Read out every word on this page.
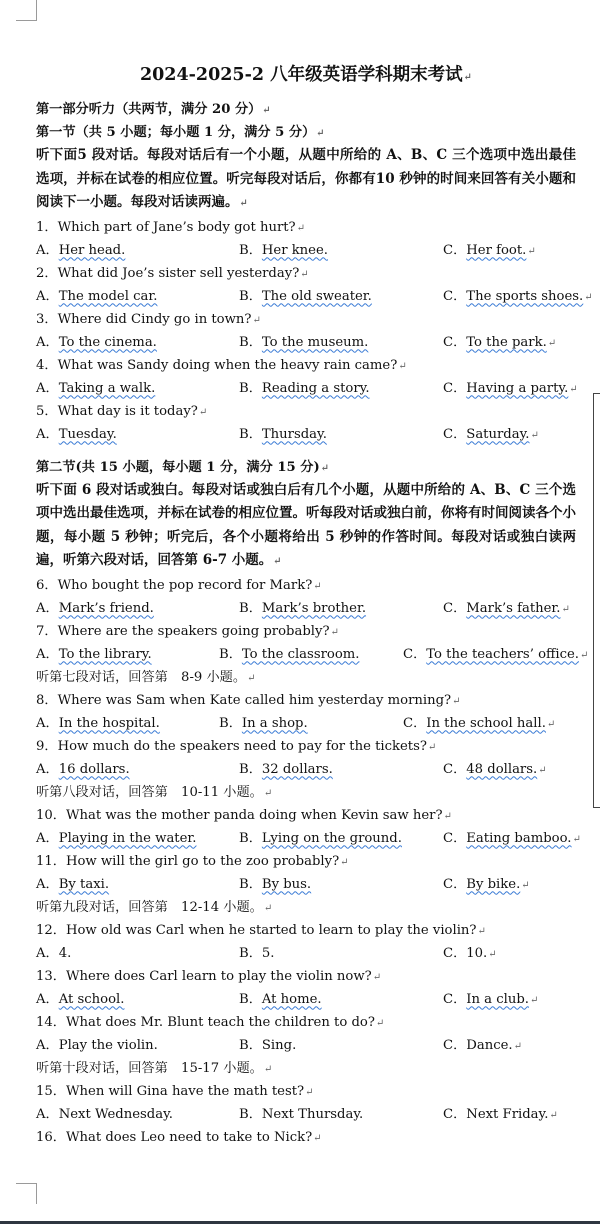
2024-2025-2 八年级英语学科期末考试↵
第一部分听力（共两节，满分 20 分）↵
第一节（共 5 小题；每小题 1 分，满分 5 分）↵

听下面5 段对话。每段对话后有一个小题，从题中所给的 A、B、C 三个选项中选出最佳选项，并标在试卷的相应位置。听完每段对话后，你都有10 秒钟的时间来回答有关小题和阅读下一小题。每段对话读两遍。↵

1．Which part of Jane’s body got hurt?↵
A．Her head.	B．Her knee.	C．Her foot.↵
2．What did Joe’s sister sell yesterday?↵
A．The model car.	B．The old sweater.	C．The sports shoes.↵
3．Where did Cindy go in town?↵
A．To the cinema.	B．To the museum.	C．To the park.↵
4．What was Sandy doing when the heavy rain came?↵
A．Taking a walk.	B．Reading a story.	C．Having a party.↵
5．What day is it today?↵
A．Tuesday.	B．Thursday.	C．Saturday.↵
第二节(共 15 小题，每小题 1 分，满分 15 分)↵

听下面 6 段对话或独白。每段对话或独白后有几个小题，从题中所给的 A、B、C 三个选项中选出最佳选项，并标在试卷的相应位置。听每段对话或独白前，你将有时间阅读各个小题，每小题 5 秒钟；听完后，各个小题将给出 5 秒钟的作答时间。每段对话或独白读两遍，听第六段对话，回答第 6-7 小题。↵

6．Who bought the pop record for Mark?↵
A．Mark’s friend.	B．Mark’s brother.	C．Mark’s father.↵
7．Where are the speakers going probably?↵
A．To the library.	B．To the classroom.	C．To the teachers’ office.↵
听第七段对话，回答第　8-9 小题。↵
8．Where was Sam when Kate called him yesterday morning?↵
A．In the hospital.	B．In a shop.	C．In the school hall.↵
9．How much do the speakers need to pay for the tickets?↵
A．16 dollars.	B．32 dollars.	C．48 dollars.↵
听第八段对话，回答第　10-11 小题。↵
10．What was the mother panda doing when Kevin saw her?↵
A．Playing in the water.	B．Lying on the ground.	C．Eating bamboo.↵
11．How will the girl go to the zoo probably?↵
A．By taxi.	B．By bus.	C．By bike.↵
听第九段对话，回答第　12-14 小题。↵
12．How old was Carl when he started to learn to play the violin?↵
A．4.	B．5.	C．10.↵
13．Where does Carl learn to play the violin now?↵
A．At school.	B．At home.	C．In a club.↵
14．What does Mr. Blunt teach the children to do?↵
A．Play the violin.	B．Sing.	C．Dance.↵
听第十段对话，回答第　15-17 小题。↵
15．When will Gina have the math test?↵
A．Next Wednesday.	B．Next Thursday.	C．Next Friday.↵
16．What does Leo need to take to Nick?↵
